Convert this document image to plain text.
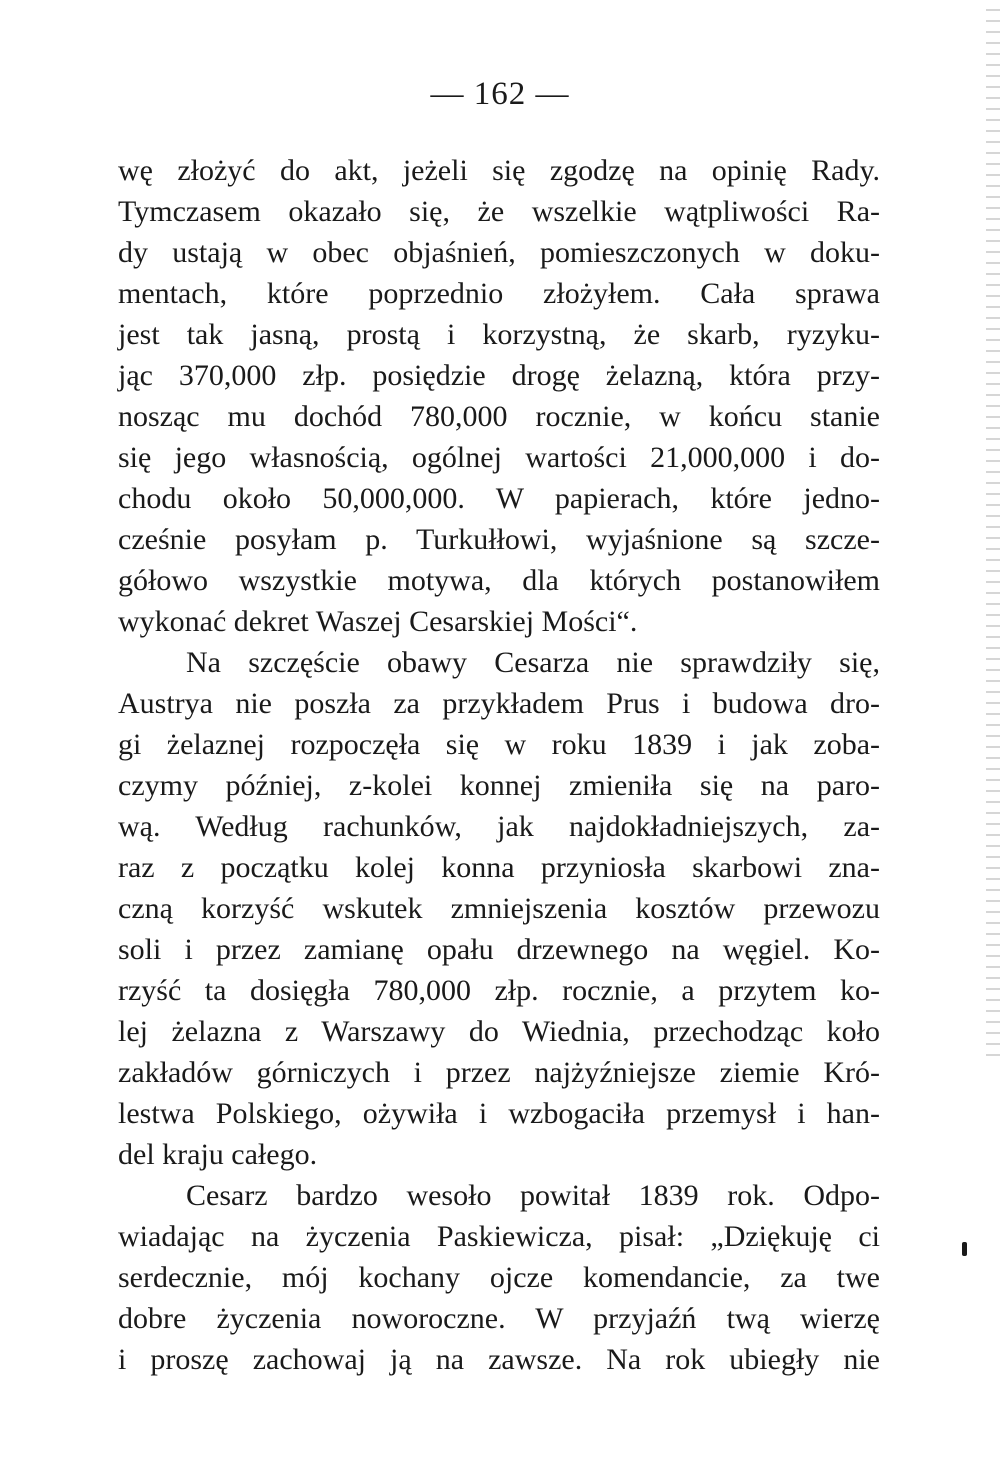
— 162 —
wę złożyć do akt, jeżeli się zgodzę na opinię Rady.
Tymczasem okazało się, że wszelkie wątpliwości Ra-
dy ustają w obec objaśnień, pomieszczonych w doku-
mentach, które poprzednio złożyłem. Cała sprawa
jest tak jasną, prostą i korzystną, że skarb, ryzyku-
jąc 370,000 złp. posiędzie drogę żelazną, która przy-
nosząc mu dochód 780,000 rocznie, w końcu stanie
się jego własnością, ogólnej wartości 21,000,000 i do-
chodu około 50,000,000. W papierach, które jedno-
cześnie posyłam p. Turkułłowi, wyjaśnione są szcze-
gółowo wszystkie motywa, dla których postanowiłem
wykonać dekret Waszej Cesarskiej Mości“.
Na szczęście obawy Cesarza nie sprawdziły się,
Austrya nie poszła za przykładem Prus i budowa dro-
gi żelaznej rozpoczęła się w roku 1839 i jak zoba-
czymy później, z-kolei konnej zmieniła się na paro-
wą. Według rachunków, jak najdokładniejszych, za-
raz z początku kolej konna przyniosła skarbowi zna-
czną korzyść wskutek zmniejszenia kosztów przewozu
soli i przez zamianę opału drzewnego na węgiel. Ko-
rzyść ta dosięgła 780,000 złp. rocznie, a przytem ko-
lej żelazna z Warszawy do Wiednia, przechodząc koło
zakładów górniczych i przez najżyźniejsze ziemie Kró-
lestwa Polskiego, ożywiła i wzbogaciła przemysł i han-
del kraju całego.
Cesarz bardzo wesoło powitał 1839 rok. Odpo-
wiadając na życzenia Paskiewicza, pisał: „Dziękuję ci
serdecznie, mój kochany ojcze komendancie, za twe
dobre życzenia noworoczne. W przyjaźń twą wierzę
i proszę zachowaj ją na zawsze. Na rok ubiegły nie
